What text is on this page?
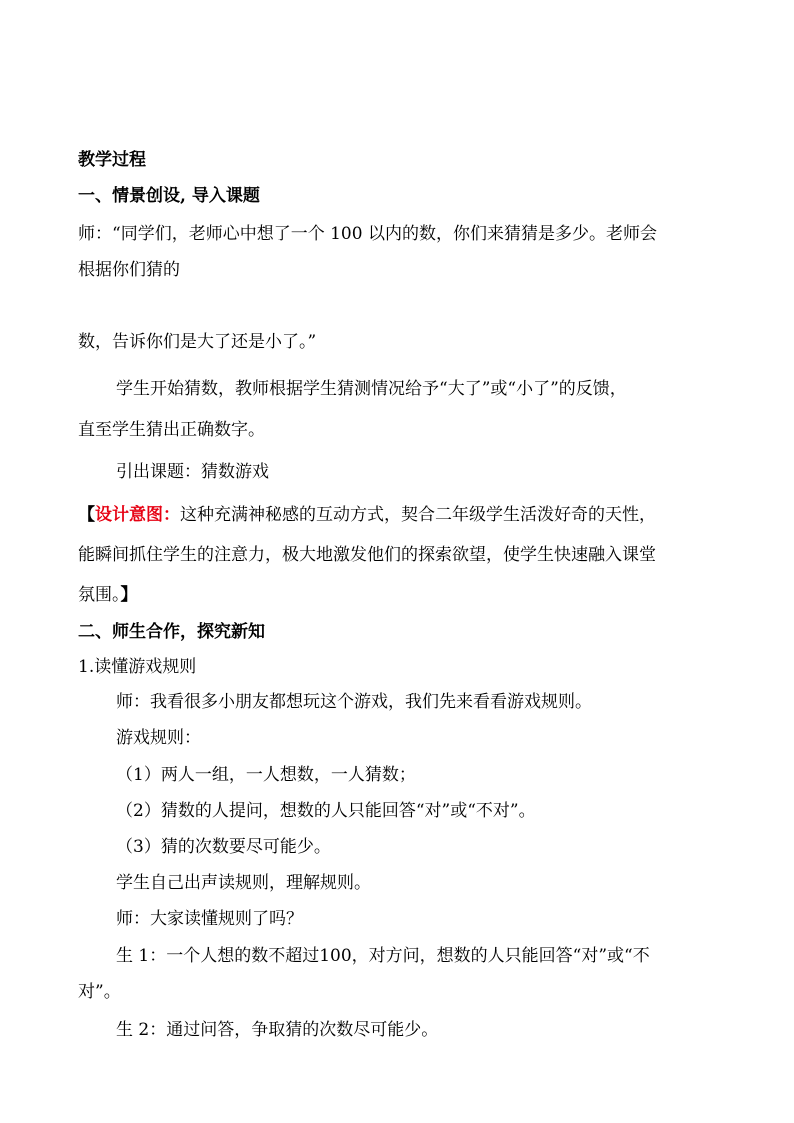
教学过程
一、情景创设, 导入课题
师：“同学们，老师心中想了一个 100 以内的数，你们来猜猜是多少。老师会
根据你们猜的
数，告诉你们是大了还是小了。”
学生开始猜数，教师根据学生猜测情况给予“大了”或“小了”的反馈，
直至学生猜出正确数字。
引出课题：猜数游戏
【设计意图：这种充满神秘感的互动方式，契合二年级学生活泼好奇的天性，
能瞬间抓住学生的注意力，极大地激发他们的探索欲望，使学生快速融入课堂
氛围。】
二、师生合作，探究新知
1.读懂游戏规则
师：我看很多小朋友都想玩这个游戏，我们先来看看游戏规则。
游戏规则：
（1）两人一组，一人想数，一人猜数；
（2）猜数的人提问，想数的人只能回答“对”或“不对”。
（3）猜的次数要尽可能少。
学生自己出声读规则，理解规则。
师：大家读懂规则了吗？
生 1：一个人想的数不超过100，对方问，想数的人只能回答“对”或“不
对”。
生 2：通过问答，争取猜的次数尽可能少。
